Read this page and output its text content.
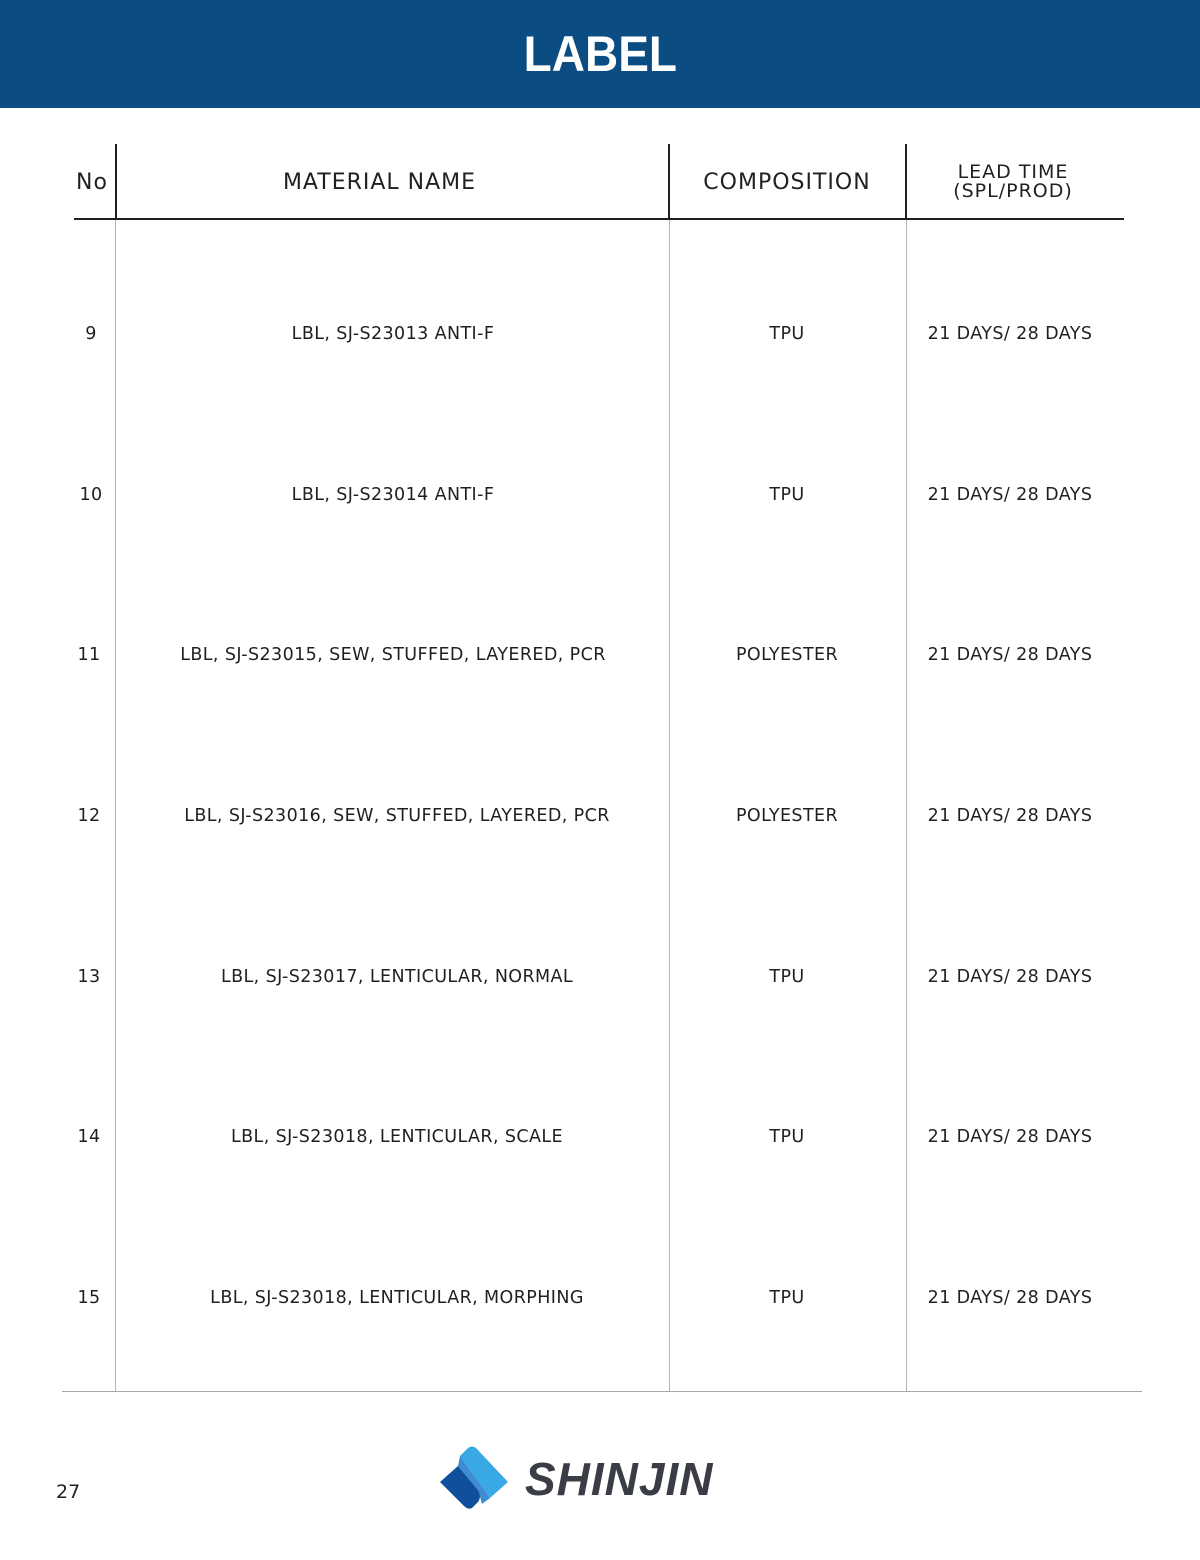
LABEL
No	MATERIAL NAME	COMPOSITION	LEAD TIME
(SPL/PROD)
9	LBL, SJ-S23013 ANTI-F	TPU	21 DAYS/ 28 DAYS
10	LBL, SJ-S23014 ANTI-F	TPU	21 DAYS/ 28 DAYS
11	LBL, SJ-S23015, SEW, STUFFED, LAYERED, PCR	POLYESTER	21 DAYS/ 28 DAYS
12	LBL, SJ-S23016, SEW, STUFFED, LAYERED, PCR	POLYESTER	21 DAYS/ 28 DAYS
13	LBL, SJ-S23017, LENTICULAR, NORMAL	TPU	21 DAYS/ 28 DAYS
14	LBL, SJ-S23018, LENTICULAR, SCALE	TPU	21 DAYS/ 28 DAYS
15	LBL, SJ-S23018, LENTICULAR, MORPHING	TPU	21 DAYS/ 28 DAYS
27	SHINJIN
